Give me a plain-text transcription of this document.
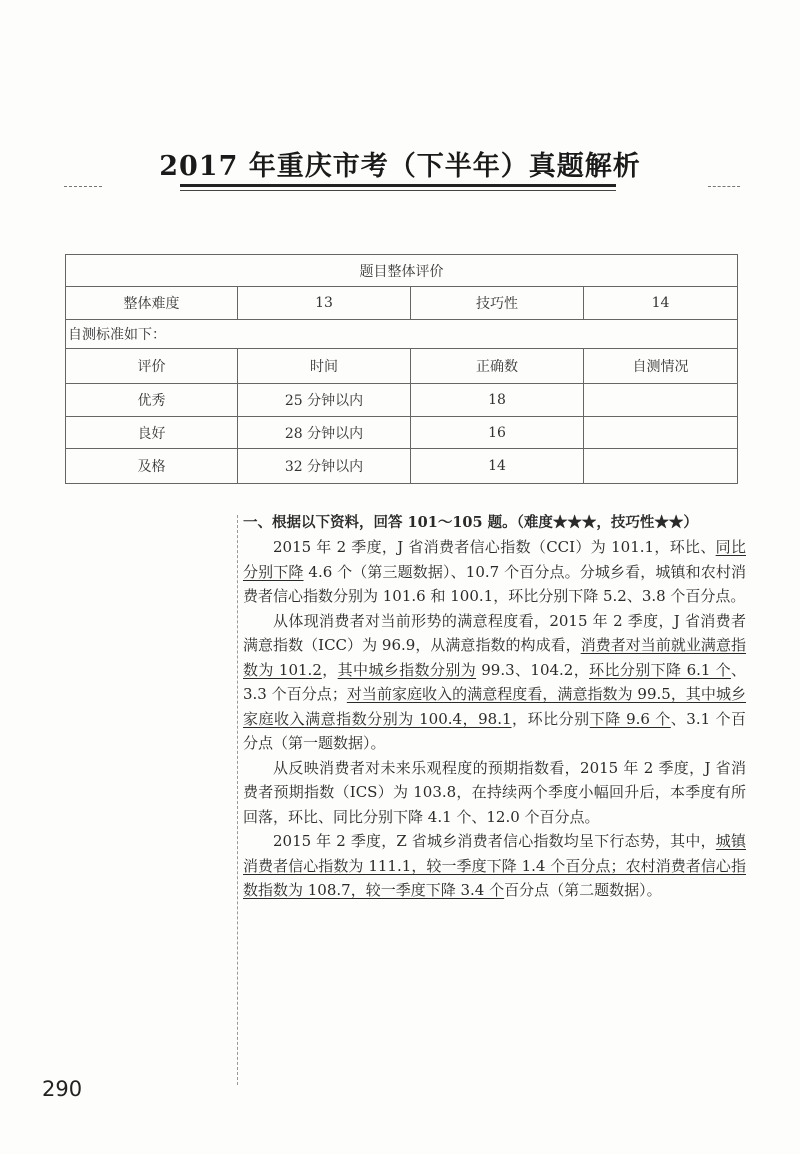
2017 年重庆市考（下半年）真题解析
题目整体评价			
整体难度	13	技巧性	14
自测标准如下：			
评价	时间	正确数	自测情况
优秀	25 分钟以内	18	
良好	28 分钟以内	16	
及格	32 分钟以内	14	
一、根据以下资料，回答 101～105 题。（难度★★★，技巧性★★）

2015 年 2 季度，J 省消费者信心指数（CCI）为 101.1，环比、同比分别下降 4.6 个（第三题数据）、10.7 个百分点。分城乡看，城镇和农村消费者信心指数分别为 101.6 和 100.1，环比分别下降 5.2、3.8 个百分点。

从体现消费者对当前形势的满意程度看，2015 年 2 季度，J 省消费者满意指数（ICC）为 96.9，从满意指数的构成看，消费者对当前就业满意指数为 101.2，其中城乡指数分别为 99.3、104.2，环比分别下降 6.1 个、3.3 个百分点；对当前家庭收入的满意程度看，满意指数为 99.5，其中城乡家庭收入满意指数分别为 100.4，98.1，环比分别下降 9.6 个、3.1 个百分点（第一题数据）。

从反映消费者对未来乐观程度的预期指数看，2015 年 2 季度，J 省消费者预期指数（ICS）为 103.8，在持续两个季度小幅回升后，本季度有所回落，环比、同比分别下降 4.1 个、12.0 个百分点。

2015 年 2 季度，Z 省城乡消费者信心指数均呈下行态势，其中，城镇消费者信心指数为 111.1，较一季度下降 1.4 个百分点；农村消费者信心指数指数为 108.7，较一季度下降 3.4 个百分点（第二题数据）。

290
